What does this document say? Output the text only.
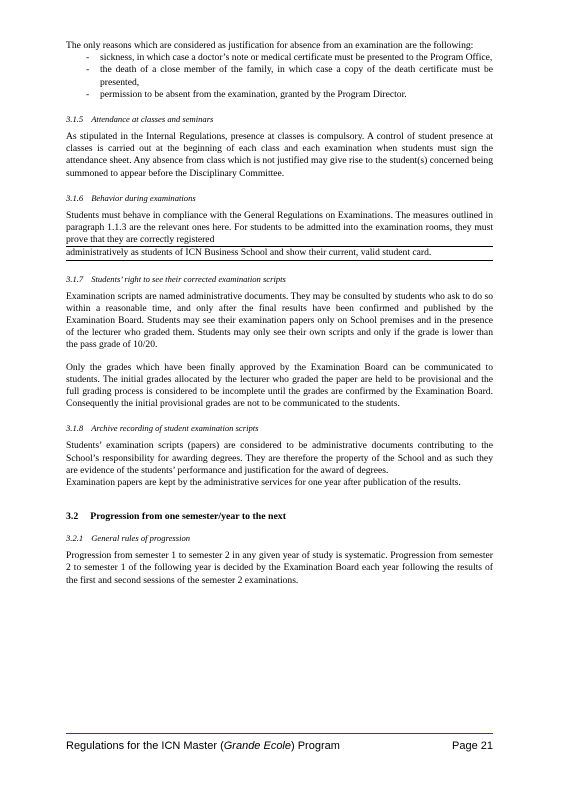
The only reasons which are considered as justification for absence from an examination are the following:

- sickness, in which case a doctor’s note or medical certificate must be presented to the Program Office,
- the death of a close member of the family, in which case a copy of the death certificate must be presented,
- permission to be absent from the examination, granted by the Program Director.
3.1.5 Attendance at classes and seminars

As stipulated in the Internal Regulations, presence at classes is compulsory. A control of student presence at classes is carried out at the beginning of each class and each examination when students must sign the attendance sheet. Any absence from class which is not justified may give rise to the student(s) concerned being summoned to appear before the Disciplinary Committee.

3.1.6 Behavior during examinations

Students must behave in compliance with the General Regulations on Examinations. The measures outlined in paragraph 1.1.3 are the relevant ones here. For students to be admitted into the examination rooms, they must prove that they are correctly registered

administratively as students of ICN Business School and show their current, valid student card.

3.1.7 Students’ right to see their corrected examination scripts

Examination scripts are named administrative documents. They may be consulted by students who ask to do so within a reasonable time, and only after the final results have been confirmed and published by the Examination Board. Students may see their examination papers only on School premises and in the presence of the lecturer who graded them. Students may only see their own scripts and only if the grade is lower than the pass grade of 10/20.

Only the grades which have been finally approved by the Examination Board can be communicated to students. The initial grades allocated by the lecturer who graded the paper are held to be provisional and the full grading process is considered to be incomplete until the grades are confirmed by the Examination Board. Consequently the initial provisional grades are not to be communicated to the students.

3.1.8 Archive recording of student examination scripts

Students’ examination scripts (papers) are considered to be administrative documents contributing to the School’s responsibility for awarding degrees. They are therefore the property of the School and as such they are evidence of the students’ performance and justification for the award of degrees.

Examination papers are kept by the administrative services for one year after publication of the results.

3.2 Progression from one semester/year to the next
3.2.1 General rules of progression

Progression from semester 1 to semester 2 in any given year of study is systematic. Progression from semester 2 to semester 1 of the following year is decided by the Examination Board each year following the results of the first and second sessions of the semester 2 examinations.

Regulations for the ICN Master (Grande Ecole) Program	Page 21
